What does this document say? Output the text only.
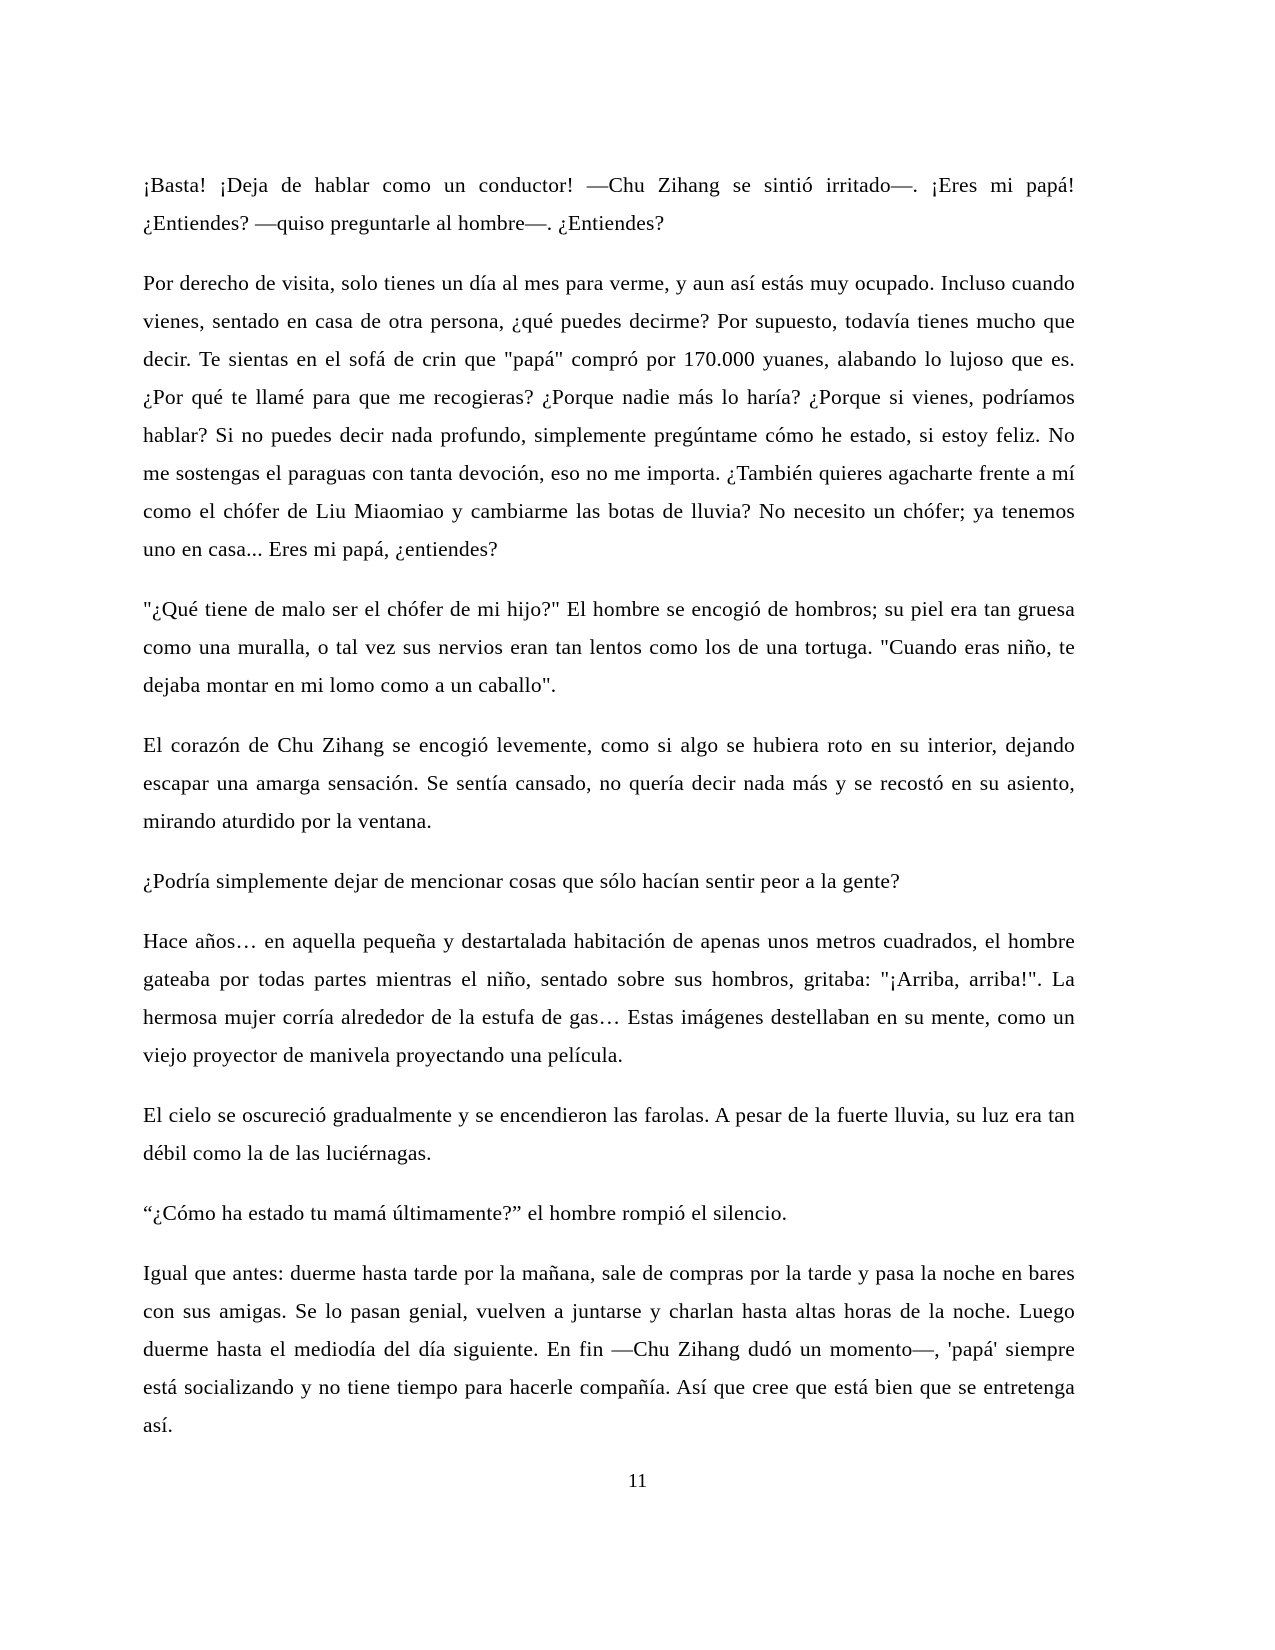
¡Basta! ¡Deja de hablar como un conductor! —Chu Zihang se sintió irritado—. ¡Eres mi papá! ¿Entiendes? —quiso preguntarle al hombre—. ¿Entiendes?

Por derecho de visita, solo tienes un día al mes para verme, y aun así estás muy ocupado. Incluso cuando vienes, sentado en casa de otra persona, ¿qué puedes decirme? Por supuesto, todavía tienes mucho que decir. Te sientas en el sofá de crin que "papá" compró por 170.000 yuanes, alabando lo lujoso que es. ¿Por qué te llamé para que me recogieras? ¿Porque nadie más lo haría? ¿Porque si vienes, podríamos hablar? Si no puedes decir nada profundo, simplemente pregúntame cómo he estado, si estoy feliz. No me sostengas el paraguas con tanta devoción, eso no me importa. ¿También quieres agacharte frente a mí como el chófer de Liu Miaomiao y cambiarme las botas de lluvia? No necesito un chófer; ya tenemos uno en casa... Eres mi papá, ¿entiendes?

"¿Qué tiene de malo ser el chófer de mi hijo?" El hombre se encogió de hombros; su piel era tan gruesa como una muralla, o tal vez sus nervios eran tan lentos como los de una tortuga. "Cuando eras niño, te dejaba montar en mi lomo como a un caballo".

El corazón de Chu Zihang se encogió levemente, como si algo se hubiera roto en su interior, dejando escapar una amarga sensación. Se sentía cansado, no quería decir nada más y se recostó en su asiento, mirando aturdido por la ventana.

¿Podría simplemente dejar de mencionar cosas que sólo hacían sentir peor a la gente?

Hace años… en aquella pequeña y destartalada habitación de apenas unos metros cuadrados, el hombre gateaba por todas partes mientras el niño, sentado sobre sus hombros, gritaba: "¡Arriba, arriba!". La hermosa mujer corría alrededor de la estufa de gas… Estas imágenes destellaban en su mente, como un viejo proyector de manivela proyectando una película.

El cielo se oscureció gradualmente y se encendieron las farolas. A pesar de la fuerte lluvia, su luz era tan débil como la de las luciérnagas.

“¿Cómo ha estado tu mamá últimamente?” el hombre rompió el silencio.

Igual que antes: duerme hasta tarde por la mañana, sale de compras por la tarde y pasa la noche en bares con sus amigas. Se lo pasan genial, vuelven a juntarse y charlan hasta altas horas de la noche. Luego duerme hasta el mediodía del día siguiente. En fin —Chu Zihang dudó un momento—, 'papá' siempre está socializando y no tiene tiempo para hacerle compañía. Así que cree que está bien que se entretenga así.

11
